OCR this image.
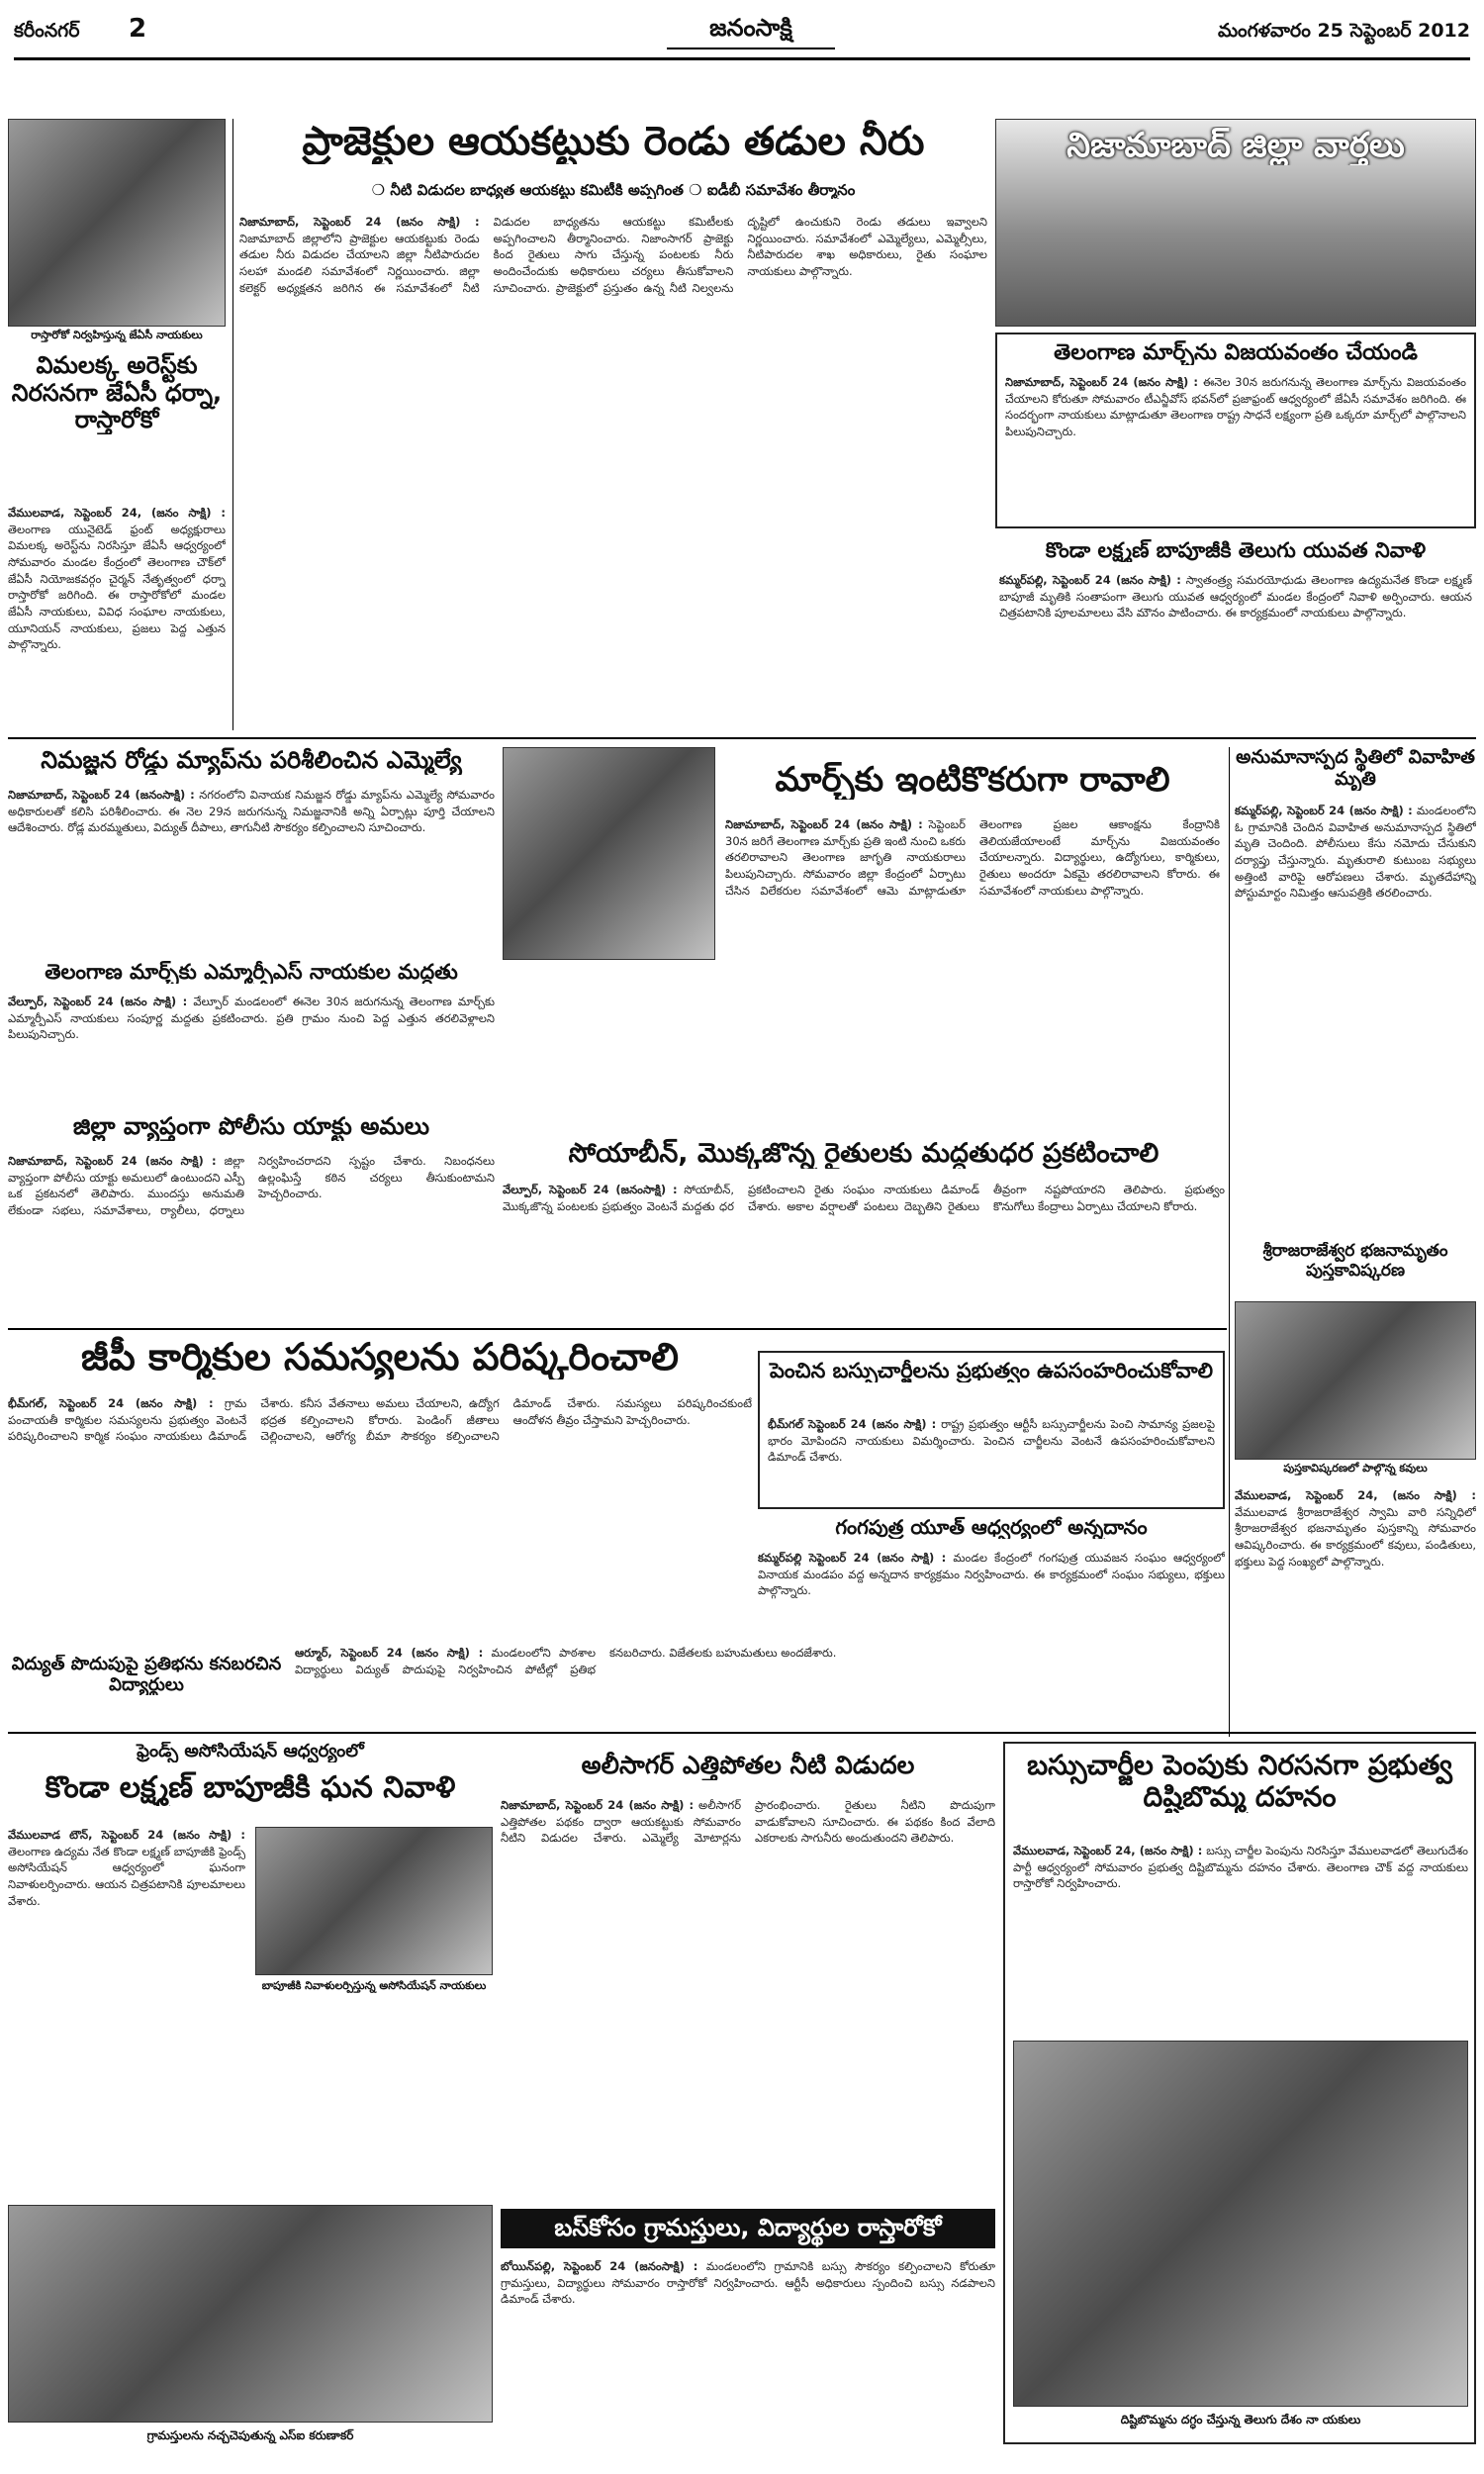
కరీంనగర్ 2	జనంసాక్షి	మంగళవారం 25 సెప్టెంబర్ 2012
రాస్తారోకో నిర్వహిస్తున్న జేఏసీ నాయకులు
విమలక్క అరెస్ట్‌కు నిరసనగా జేఏసీ ధర్నా, రాస్తారోకో
వేములవాడ, సెప్టెంబర్ 24, (జనం సాక్షి) : తెలంగాణ యునైటెడ్ ఫ్రంట్ అధ్యక్షురాలు విమలక్క అరెస్ట్‌ను నిరసిస్తూ జేఏసీ ఆధ్వర్యంలో సోమవారం మండల కేంద్రంలో తెలంగాణ చౌక్‌లో జేఏసీ నియోజకవర్గం చైర్మన్ నేతృత్వంలో ధర్నా రాస్తారోకో జరిగింది. ఈ రాస్తారోకోలో మండల జేఏసీ నాయకులు, వివిధ సంఘాల నాయకులు, యూనియన్ నాయకులు, ప్రజలు పెద్ద ఎత్తున పాల్గొన్నారు.
ప్రాజెక్టుల ఆయకట్టుకు రెండు తడుల నీరు
❍ నీటి విడుదల బాధ్యత ఆయకట్టు కమిటీకి అప్పగింత ❍ ఐడీబీ సమావేశం తీర్మానం
నిజామాబాద్, సెప్టెంబర్ 24 (జనం సాక్షి) : నిజామాబాద్ జిల్లాలోని ప్రాజెక్టుల ఆయకట్టుకు రెండు తడుల నీరు విడుదల చేయాలని జిల్లా నీటిపారుదల సలహా మండలి సమావేశంలో నిర్ణయించారు. జిల్లా కలెక్టర్ అధ్యక్షతన జరిగిన ఈ సమావేశంలో నీటి విడుదల బాధ్యతను ఆయకట్టు కమిటీలకు అప్పగించాలని తీర్మానించారు. నిజాంసాగర్ ప్రాజెక్టు కింద రైతులు సాగు చేస్తున్న పంటలకు నీరు అందించేందుకు అధికారులు చర్యలు తీసుకోవాలని సూచించారు. ప్రాజెక్టులో ప్రస్తుతం ఉన్న నీటి నిల్వలను దృష్టిలో ఉంచుకుని రెండు తడులు ఇవ్వాలని నిర్ణయించారు. సమావేశంలో ఎమ్మెల్యేలు, ఎమ్మెల్సీలు, నీటిపారుదల శాఖ అధికారులు, రైతు సంఘాల నాయకులు పాల్గొన్నారు.
నిజామాబాద్ జిల్లా వార్తలు
తెలంగాణ మార్చ్‌ను విజయవంతం చేయండి
నిజామాబాద్, సెప్టెంబర్ 24 (జనం సాక్షి) : ఈనెల 30న జరుగనున్న తెలంగాణ మార్చ్‌ను విజయవంతం చేయాలని కోరుతూ సోమవారం టీఎన్జీవోస్ భవన్‌లో ప్రజాఫ్రంట్ ఆధ్వర్యంలో జేఏసీ సమావేశం జరిగింది. ఈ సందర్భంగా నాయకులు మాట్లాడుతూ తెలంగాణ రాష్ట్ర సాధనే లక్ష్యంగా ప్రతి ఒక్కరూ మార్చ్‌లో పాల్గొనాలని పిలుపునిచ్చారు.
కొండా లక్ష్మణ్ బాపూజీకి తెలుగు యువత నివాళి
కమ్మర్‌పల్లి, సెప్టెంబర్ 24 (జనం సాక్షి) : స్వాతంత్ర్య సమరయోధుడు తెలంగాణ ఉద్యమనేత కొండా లక్ష్మణ్ బాపూజీ మృతికి సంతాపంగా తెలుగు యువత ఆధ్వర్యంలో మండల కేంద్రంలో నివాళి అర్పించారు. ఆయన చిత్రపటానికి పూలమాలలు వేసి మౌనం పాటించారు. ఈ కార్యక్రమంలో నాయకులు పాల్గొన్నారు.
నిమజ్జన రోడ్డు మ్యాప్‌ను పరిశీలించిన ఎమ్మెల్యే
నిజామాబాద్, సెప్టెంబర్ 24 (జనంసాక్షి) : నగరంలోని వినాయక నిమజ్జన రోడ్డు మ్యాప్‌ను ఎమ్మెల్యే సోమవారం అధికారులతో కలిసి పరిశీలించారు. ఈ నెల 29న జరుగనున్న నిమజ్జనానికి అన్ని ఏర్పాట్లు పూర్తి చేయాలని ఆదేశించారు. రోడ్ల మరమ్మతులు, విద్యుత్ దీపాలు, తాగునీటి సౌకర్యం కల్పించాలని సూచించారు.
తెలంగాణ మార్చ్‌కు ఎమ్మార్పీఎస్ నాయకుల మద్దతు
వేల్పూర్, సెప్టెంబర్ 24 (జనం సాక్షి) : వేల్పూర్ మండలంలో ఈనెల 30న జరుగనున్న తెలంగాణ మార్చ్‌కు ఎమ్మార్పీఎస్ నాయకులు సంపూర్ణ మద్దతు ప్రకటించారు. ప్రతి గ్రామం నుంచి పెద్ద ఎత్తున తరలివెళ్లాలని పిలుపునిచ్చారు.
జిల్లా వ్యాప్తంగా పోలీసు యాక్టు అమలు
నిజామాబాద్, సెప్టెంబర్ 24 (జనం సాక్షి) : జిల్లా వ్యాప్తంగా పోలీసు యాక్టు అమలులో ఉంటుందని ఎస్పీ ఒక ప్రకటనలో తెలిపారు. ముందస్తు అనుమతి లేకుండా సభలు, సమావేశాలు, ర్యాలీలు, ధర్నాలు నిర్వహించరాదని స్పష్టం చేశారు. నిబంధనలు ఉల్లంఘిస్తే కఠిన చర్యలు తీసుకుంటామని హెచ్చరించారు.
మార్చ్‌కు ఇంటికొకరుగా రావాలి
నిజామాబాద్, సెప్టెంబర్ 24 (జనం సాక్షి) : సెప్టెంబర్ 30న జరిగే తెలంగాణ మార్చ్‌కు ప్రతి ఇంటి నుంచి ఒకరు తరలిరావాలని తెలంగాణ జాగృతి నాయకురాలు పిలుపునిచ్చారు. సోమవారం జిల్లా కేంద్రంలో ఏర్పాటు చేసిన విలేకరుల సమావేశంలో ఆమె మాట్లాడుతూ తెలంగాణ ప్రజల ఆకాంక్షను కేంద్రానికి తెలియజేయాలంటే మార్చ్‌ను విజయవంతం చేయాలన్నారు. విద్యార్థులు, ఉద్యోగులు, కార్మికులు, రైతులు అందరూ ఏకమై తరలిరావాలని కోరారు. ఈ సమావేశంలో నాయకులు పాల్గొన్నారు.
అనుమానాస్పద స్థితిలో వివాహిత మృతి
కమ్మర్‌పల్లి, సెప్టెంబర్ 24 (జనం సాక్షి) : మండలంలోని ఓ గ్రామానికి చెందిన వివాహిత అనుమానాస్పద స్థితిలో మృతి చెందింది. పోలీసులు కేసు నమోదు చేసుకుని దర్యాప్తు చేస్తున్నారు. మృతురాలి కుటుంబ సభ్యులు అత్తింటి వారిపై ఆరోపణలు చేశారు. మృతదేహాన్ని పోస్టుమార్టం నిమిత్తం ఆసుపత్రికి తరలించారు.
శ్రీరాజరాజేశ్వర భజనామృతం పుస్తకావిష్కరణ
పుస్తకావిష్కరణలో పాల్గొన్న కవులు
వేములవాడ, సెప్టెంబర్ 24, (జనం సాక్షి) : వేములవాడ శ్రీరాజరాజేశ్వర స్వామి వారి సన్నిధిలో శ్రీరాజరాజేశ్వర భజనామృతం పుస్తకాన్ని సోమవారం ఆవిష్కరించారు. ఈ కార్యక్రమంలో కవులు, పండితులు, భక్తులు పెద్ద సంఖ్యలో పాల్గొన్నారు.
సోయాబీన్, మొక్కజొన్న రైతులకు మద్దతుధర ప్రకటించాలి
వేల్పూర్, సెప్టెంబర్ 24 (జనంసాక్షి) : సోయాబీన్, మొక్కజొన్న పంటలకు ప్రభుత్వం వెంటనే మద్దతు ధర ప్రకటించాలని రైతు సంఘం నాయకులు డిమాండ్ చేశారు. అకాల వర్షాలతో పంటలు దెబ్బతిని రైతులు తీవ్రంగా నష్టపోయారని తెలిపారు. ప్రభుత్వం కొనుగోలు కేంద్రాలు ఏర్పాటు చేయాలని కోరారు.
జీపీ కార్మికుల సమస్యలను పరిష్కరించాలి
భీమ్‌గల్, సెప్టెంబర్ 24 (జనం సాక్షి) : గ్రామ పంచాయతీ కార్మికుల సమస్యలను ప్రభుత్వం వెంటనే పరిష్కరించాలని కార్మిక సంఘం నాయకులు డిమాండ్ చేశారు. కనీస వేతనాలు అమలు చేయాలని, ఉద్యోగ భద్రత కల్పించాలని కోరారు. పెండింగ్ జీతాలు చెల్లించాలని, ఆరోగ్య బీమా సౌకర్యం కల్పించాలని డిమాండ్ చేశారు. సమస్యలు పరిష్కరించకుంటే ఆందోళన తీవ్రం చేస్తామని హెచ్చరించారు.
పెంచిన బస్సుచార్జీలను ప్రభుత్వం ఉపసంహరించుకోవాలి
భీమ్‌గల్ సెప్టెంబర్ 24 (జనం సాక్షి) : రాష్ట్ర ప్రభుత్వం ఆర్టీసీ బస్సుచార్జీలను పెంచి సామాన్య ప్రజలపై భారం మోపిందని నాయకులు విమర్శించారు. పెంచిన చార్జీలను వెంటనే ఉపసంహరించుకోవాలని డిమాండ్ చేశారు.
గంగపుత్ర యూత్ ఆధ్వర్యంలో అన్నదానం
కమ్మర్‌పల్లి సెప్టెంబర్ 24 (జనం సాక్షి) : మండల కేంద్రంలో గంగపుత్ర యువజన సంఘం ఆధ్వర్యంలో వినాయక మండపం వద్ద అన్నదాన కార్యక్రమం నిర్వహించారు. ఈ కార్యక్రమంలో సంఘం సభ్యులు, భక్తులు పాల్గొన్నారు.
విద్యుత్ పొదుపుపై ప్రతిభను కనబరచిన విద్యార్థులు
ఆర్మూర్, సెప్టెంబర్ 24 (జనం సాక్షి) : మండలంలోని పాఠశాల విద్యార్థులు విద్యుత్ పొదుపుపై నిర్వహించిన పోటీల్లో ప్రతిభ కనబరిచారు. విజేతలకు బహుమతులు అందజేశారు.
ఫ్రెండ్స్ అసోసియేషన్ ఆధ్వర్యంలో
కొండా లక్ష్మణ్ బాపూజీకి ఘన నివాళి
వేములవాడ టౌన్, సెప్టెంబర్ 24 (జనం సాక్షి) : తెలంగాణ ఉద్యమ నేత కొండా లక్ష్మణ్ బాపూజీకి ఫ్రెండ్స్ అసోసియేషన్ ఆధ్వర్యంలో ఘనంగా నివాళులర్పించారు. ఆయన చిత్రపటానికి పూలమాలలు వేశారు.
బాపూజీకి నివాళులర్పిస్తున్న అసోసియేషన్ నాయకులు
అలీసాగర్ ఎత్తిపోతల నీటి విడుదల
నిజామాబాద్, సెప్టెంబర్ 24 (జనం సాక్షి) : అలీసాగర్ ఎత్తిపోతల పథకం ద్వారా ఆయకట్టుకు సోమవారం నీటిని విడుదల చేశారు. ఎమ్మెల్యే మోటార్లను ప్రారంభించారు. రైతులు నీటిని పొదుపుగా వాడుకోవాలని సూచించారు. ఈ పథకం కింద వేలాది ఎకరాలకు సాగునీరు అందుతుందని తెలిపారు.
బస్సుచార్జీల పెంపుకు నిరసనగా ప్రభుత్వ దిష్టిబొమ్మ దహనం
వేములవాడ, సెప్టెంబర్ 24, (జనం సాక్షి) : బస్సు చార్జీల పెంపును నిరసిస్తూ వేములవాడలో తెలుగుదేశం పార్టీ ఆధ్వర్యంలో సోమవారం ప్రభుత్వ దిష్టిబొమ్మను దహనం చేశారు. తెలంగాణ చౌక్ వద్ద నాయకులు రాస్తారోకో నిర్వహించారు.
దిష్టిబొమ్మను దగ్ధం చేస్తున్న తెలుగు దేశం నా యకులు
గ్రామస్తులను నచ్చచెపుతున్న ఎస్ఐ కరుణాకర్
బస్‌కోసం గ్రామస్తులు, విద్యార్థుల రాస్తారోకో
బోయిన్‌పల్లి, సెప్టెంబర్ 24 (జనంసాక్షి) : మండలంలోని గ్రామానికి బస్సు సౌకర్యం కల్పించాలని కోరుతూ గ్రామస్తులు, విద్యార్థులు సోమవారం రాస్తారోకో నిర్వహించారు. ఆర్టీసీ అధికారులు స్పందించి బస్సు నడపాలని డిమాండ్ చేశారు.
